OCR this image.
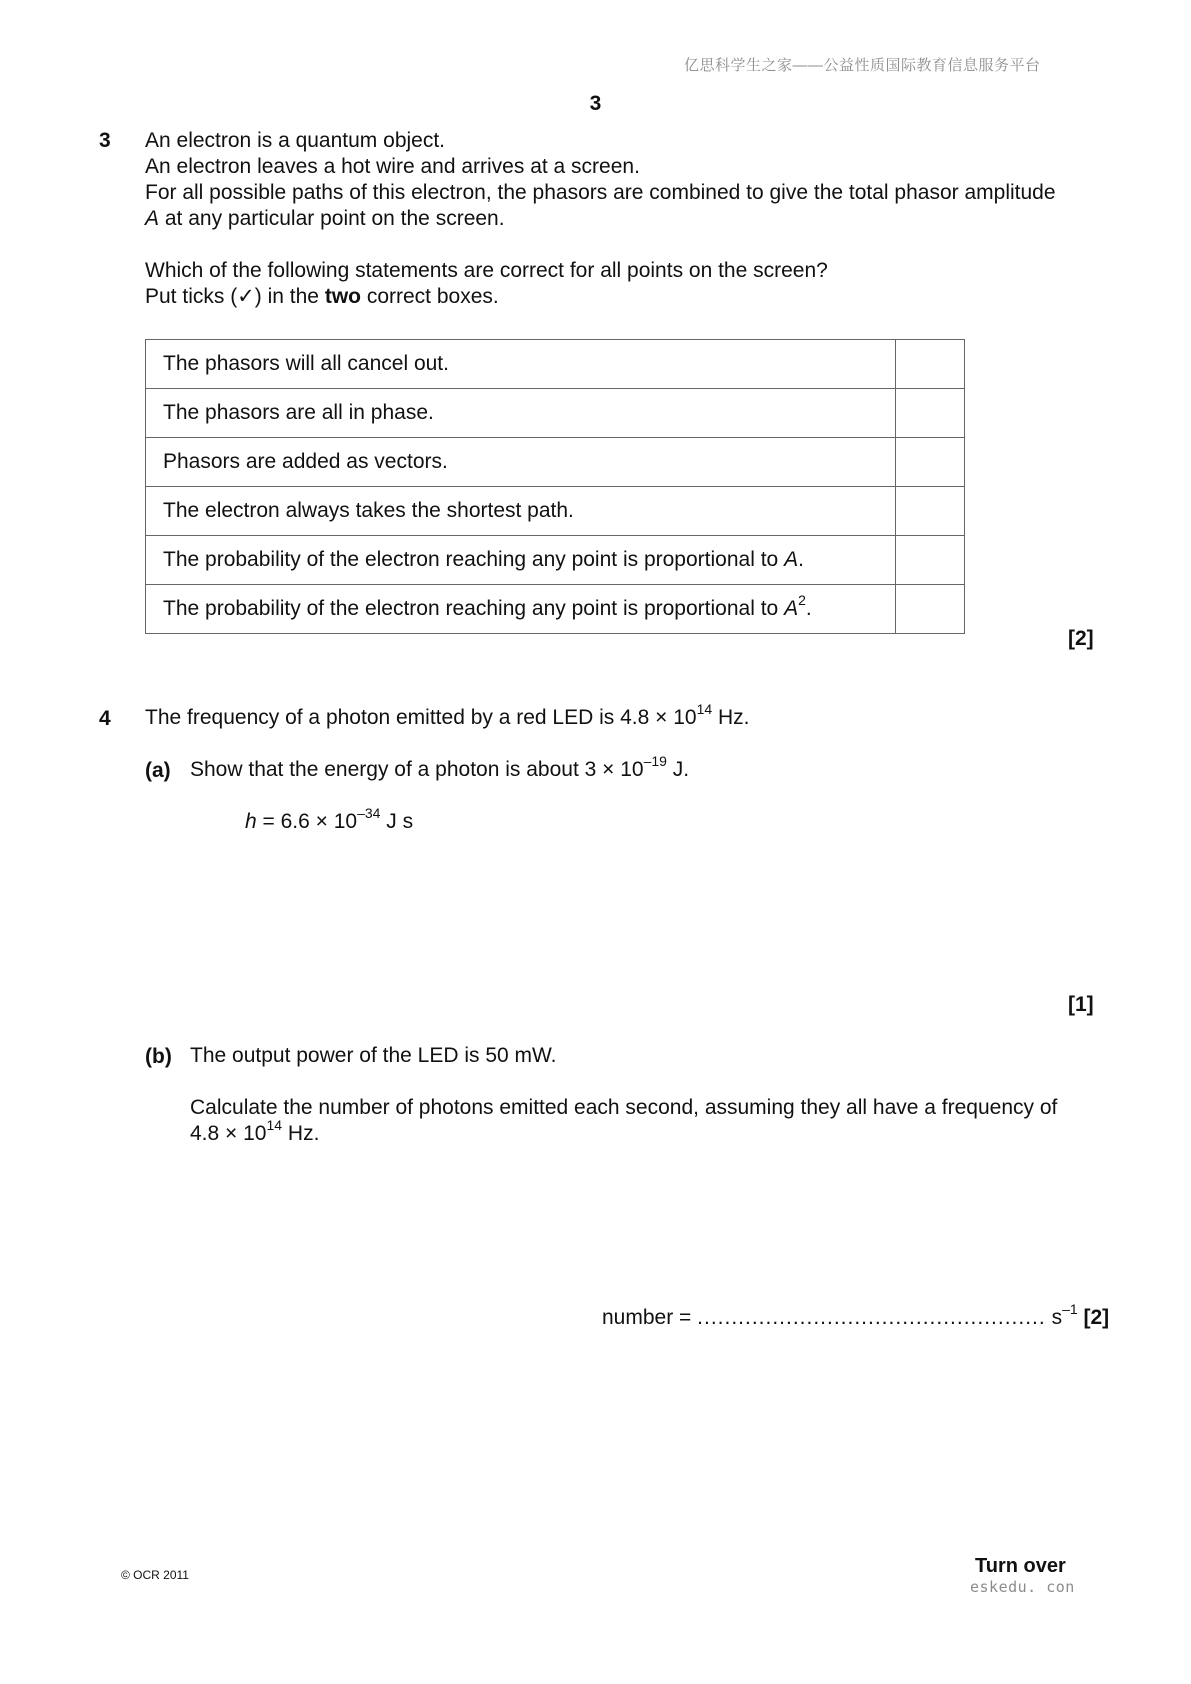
亿思科学生之家——公益性质国际教育信息服务平台
3
3 An electron is a quantum object.
An electron leaves a hot wire and arrives at a screen.
For all possible paths of this electron, the phasors are combined to give the total phasor amplitude
A at any particular point on the screen.
Which of the following statements are correct for all points on the screen?
Put ticks (✓) in the two correct boxes.
The phasors will all cancel out.	
The phasors are all in phase.	
Phasors are added as vectors.	
The electron always takes the shortest path.	
The probability of the electron reaching any point is proportional to A.	
The probability of the electron reaching any point is proportional to $A^2$.	
[2]
4 The frequency of a photon emitted by a red LED is $4.8 \times 10^{14}$ Hz.
(a) Show that the energy of a photon is about $3 \times 10^{-19}$ J.
$h = 6.6 \times 10^{-34}$ J s
[1]
(b) The output power of the LED is 50 mW.
Calculate the number of photons emitted each second, assuming they all have a frequency of
$4.8 \times 10^{14}$ Hz.
number = ................................................... $s^{-1}$ [2]
© OCR 2011	Turn over
eskedu. con
